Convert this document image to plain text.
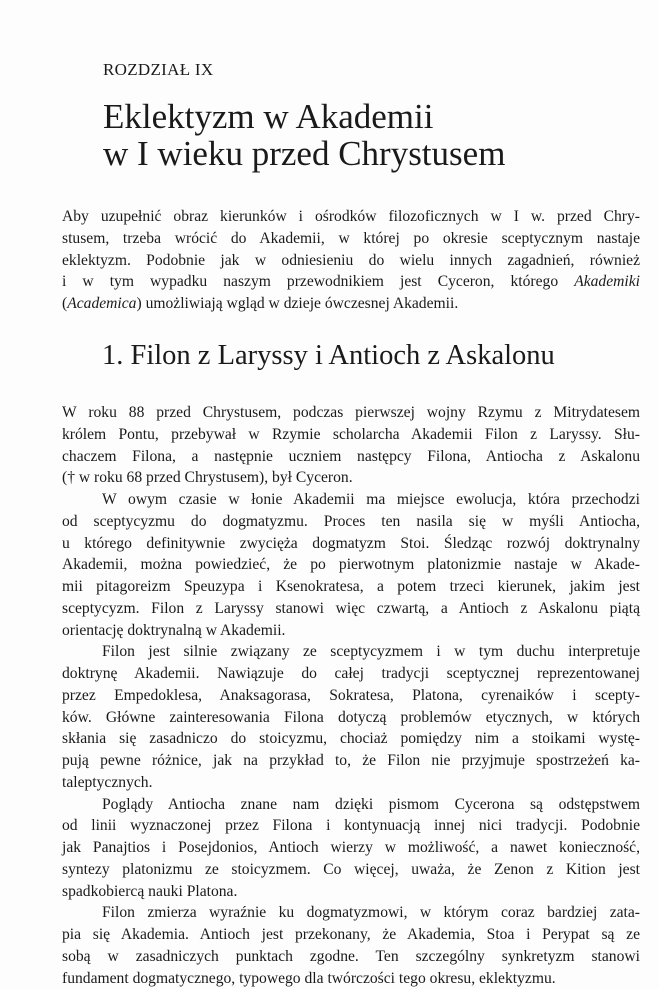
ROZDZIAŁ IX
Eklektyzm w Akademii
w I wieku przed Chrystusem
Aby uzupełnić obraz kierunków i ośrodków filozoficznych w I w. przed Chry-
stusem, trzeba wrócić do Akademii, w której po okresie sceptycznym nastaje
eklektyzm. Podobnie jak w odniesieniu do wielu innych zagadnień, również
i w tym wypadku naszym przewodnikiem jest Cyceron, którego Akademiki
(Academica) umożliwiają wgląd w dzieje ówczesnej Akademii.
1. Filon z Laryssy i Antioch z Askalonu
W roku 88 przed Chrystusem, podczas pierwszej wojny Rzymu z Mitrydatesem
królem Pontu, przebywał w Rzymie scholarcha Akademii Filon z Laryssy. Słu-
chaczem Filona, a następnie uczniem następcy Filona, Antiocha z Askalonu
(† w roku 68 przed Chrystusem), był Cyceron.
W owym czasie w łonie Akademii ma miejsce ewolucja, która przechodzi
od sceptycyzmu do dogmatyzmu. Proces ten nasila się w myśli Antiocha,
u którego definitywnie zwycięża dogmatyzm Stoi. Śledząc rozwój doktrynalny
Akademii, można powiedzieć, że po pierwotnym platonizmie nastaje w Akade-
mii pitagoreizm Speuzypa i Ksenokratesa, a potem trzeci kierunek, jakim jest
sceptycyzm. Filon z Laryssy stanowi więc czwartą, a Antioch z Askalonu piątą
orientację doktrynalną w Akademii.
Filon jest silnie związany ze sceptycyzmem i w tym duchu interpretuje
doktrynę Akademii. Nawiązuje do całej tradycji sceptycznej reprezentowanej
przez Empedoklesa, Anaksagorasa, Sokratesa, Platona, cyrenaików i scepty-
ków. Główne zainteresowania Filona dotyczą problemów etycznych, w których
skłania się zasadniczo do stoicyzmu, chociaż pomiędzy nim a stoikami wystę-
pują pewne różnice, jak na przykład to, że Filon nie przyjmuje spostrzeżeń ka-
taleptycznych.
Poglądy Antiocha znane nam dzięki pismom Cycerona są odstępstwem
od linii wyznaczonej przez Filona i kontynuacją innej nici tradycji. Podobnie
jak Panajtios i Posejdonios, Antioch wierzy w możliwość, a nawet konieczność,
syntezy platonizmu ze stoicyzmem. Co więcej, uważa, że Zenon z Kition jest
spadkobiercą nauki Platona.
Filon zmierza wyraźnie ku dogmatyzmowi, w którym coraz bardziej zata-
pia się Akademia. Antioch jest przekonany, że Akademia, Stoa i Perypat są ze
sobą w zasadniczych punktach zgodne. Ten szczególny synkretyzm stanowi
fundament dogmatycznego, typowego dla twórczości tego okresu, eklektyzmu.
